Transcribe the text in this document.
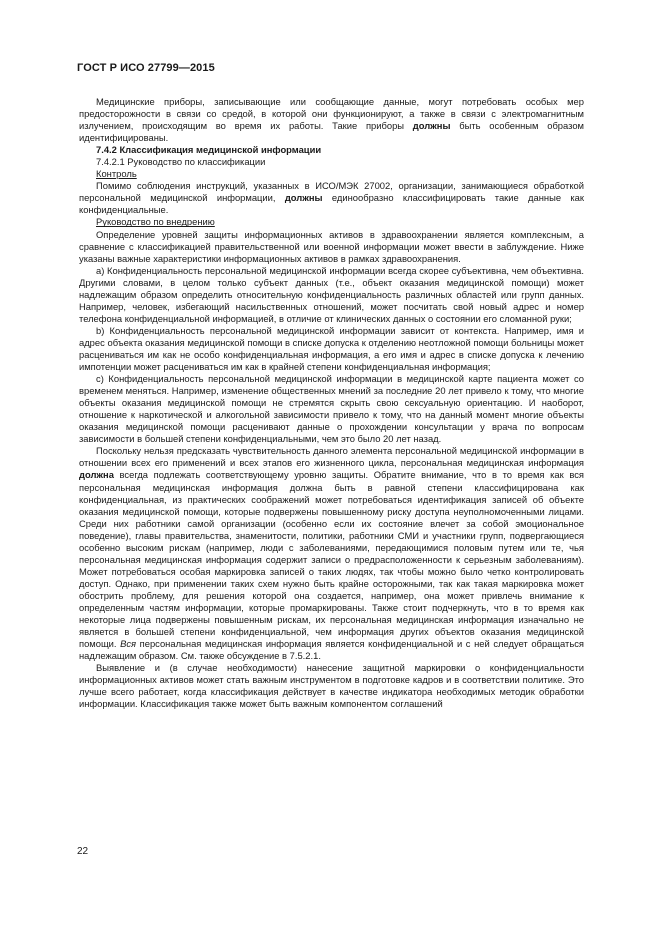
ГОСТ Р ИСО 27799—2015

Медицинские приборы, записывающие или сообщающие данные, могут потребовать особых мер предосторожности в связи со средой, в которой они функционируют, а также в связи с электромагнитным излучением, происходящим во время их работы. Такие приборы должны быть особенным образом идентифицированы.

7.4.2 Классификация медицинской информации

7.4.2.1 Руководство по классификации

Контроль

Помимо соблюдения инструкций, указанных в ИСО/МЭК 27002, организации, занимающиеся обработкой персональной медицинской информации, должны единообразно классифицировать такие данные как конфиденциальные.

Руководство по внедрению

Определение уровней защиты информационных активов в здравоохранении является комплексным, а сравнение с классификацией правительственной или военной информации может ввести в заблуждение. Ниже указаны важные характеристики информационных активов в рамках здравоохранения.

a) Конфиденциальность персональной медицинской информации всегда скорее субъективна, чем объективна. Другими словами, в целом только субъект данных (т.е., объект оказания медицинской помощи) может надлежащим образом определить относительную конфиденциальность различных областей или групп данных. Например, человек, избегающий насильственных отношений, может посчитать свой новый адрес и номер телефона конфиденциальной информацией, в отличие от клинических данных о состоянии его сломанной руки;

b) Конфиденциальность персональной медицинской информации зависит от контекста. Например, имя и адрес объекта оказания медицинской помощи в списке допуска к отделению неотложной помощи больницы может расцениваться им как не особо конфиденциальная информация, а его имя и адрес в списке допуска к лечению импотенции может расцениваться им как в крайней степени конфиденциальная информация;

c) Конфиденциальность персональной медицинской информации в медицинской карте пациента может со временем меняться. Например, изменение общественных мнений за последние 20 лет привело к тому, что многие объекты оказания медицинской помощи не стремятся скрыть свою сексуальную ориентацию. И наоборот, отношение к наркотической и алкогольной зависимости привело к тому, что на данный момент многие объекты оказания медицинской помощи расценивают данные о прохождении консультации у врача по вопросам зависимости в большей степени конфиденциальными, чем это было 20 лет назад.

Поскольку нельзя предсказать чувствительность данного элемента персональной медицинской информации в отношении всех его применений и всех этапов его жизненного цикла, персональная медицинская информация должна всегда подлежать соответствующему уровню защиты. Обратите внимание, что в то время как вся персональная медицинская информация должна быть в равной степени классифицирована как конфиденциальная, из практических соображений может потребоваться идентификация записей об объекте оказания медицинской помощи, которые подвержены повышенному риску доступа неуполномоченными лицами. Среди них работники самой организации (особенно если их состояние влечет за собой эмоциональное поведение), главы правительства, знаменитости, политики, работники СМИ и участники групп, подвергающиеся особенно высоким рискам (например, люди с заболеваниями, передающимися половым путем или те, чья персональная медицинская информация содержит записи о предрасположенности к серьезным заболеваниям). Может потребоваться особая маркировка записей о таких людях, так чтобы можно было четко контролировать доступ. Однако, при применении таких схем нужно быть крайне осторожными, так как такая маркировка может обострить проблему, для решения которой она создается, например, она может привлечь внимание к определенным частям информации, которые промаркированы. Также стоит подчеркнуть, что в то время как некоторые лица подвержены повышенным рискам, их персональная медицинская информация изначально не является в большей степени конфиденциальной, чем информация других объектов оказания медицинской помощи. Вся персональная медицинская информация является конфиденциальной и с ней следует обращаться надлежащим образом. См. также обсуждение в 7.5.2.1.

Выявление и (в случае необходимости) нанесение защитной маркировки о конфиденциальности информационных активов может стать важным инструментом в подготовке кадров и в соответствии политике. Это лучше всего работает, когда классификация действует в качестве индикатора необходимых методик обработки информации. Классификация также может быть важным компонентом соглашений

22
